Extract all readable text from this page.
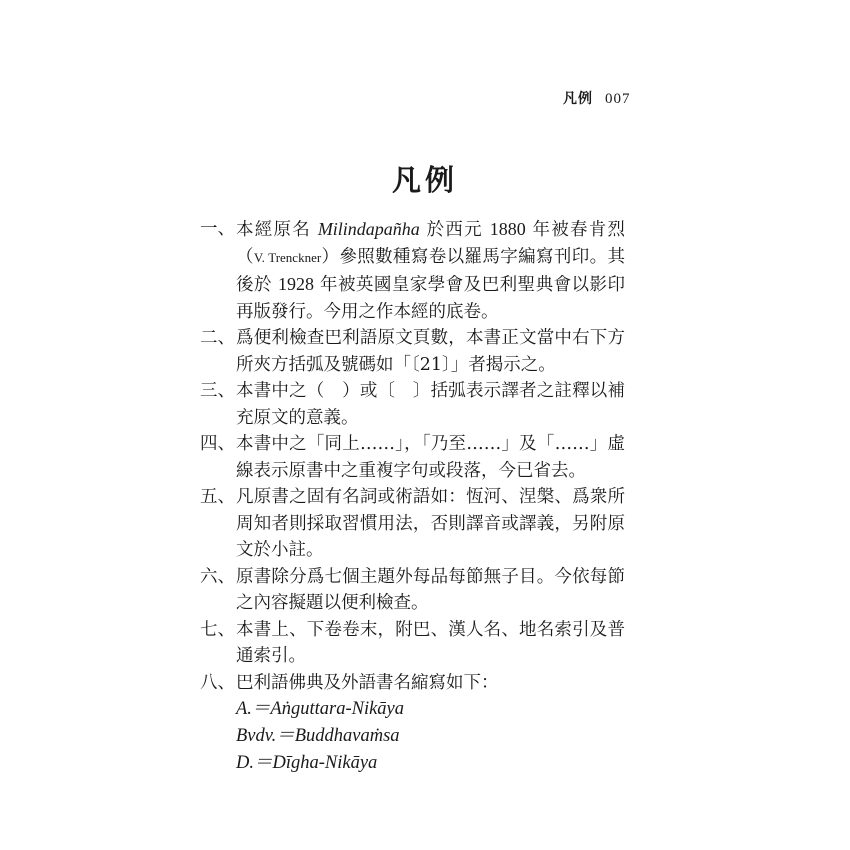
凡例 007
凡例
一、 本經原名 Milindapañha 於西元 1880 年被春肯烈（V. Trenckner）參照數種寫卷以羅馬字編寫刊印。其後於 1928 年被英國皇家學會及巴利聖典會以影印再版發行。今用之作本經的底卷。
二、 爲便利檢查巴利語原文頁數，本書正文當中右下方所夾方括弧及號碼如「〔21〕」者揭示之。
三、 本書中之（　）或〔　〕括弧表示譯者之註釋以補充原文的意義。
四、 本書中之「同上……」，「乃至……」及「……」虛線表示原書中之重複字句或段落，今已省去。
五、 凡原書之固有名詞或術語如：恆河、涅槃、爲衆所周知者則採取習慣用法，否則譯音或譯義，另附原文於小註。
六、 原書除分爲七個主題外每品每節無子目。今依每節之內容擬題以便利檢查。
七、 本書上、下卷卷末，附巴、漢人名、地名索引及普通索引。
八、 巴利語佛典及外語書名縮寫如下：
A.＝Aṅguttara-Nikāya
Bvdv.＝Buddhavaṁsa
D.＝Dīgha-Nikāya
